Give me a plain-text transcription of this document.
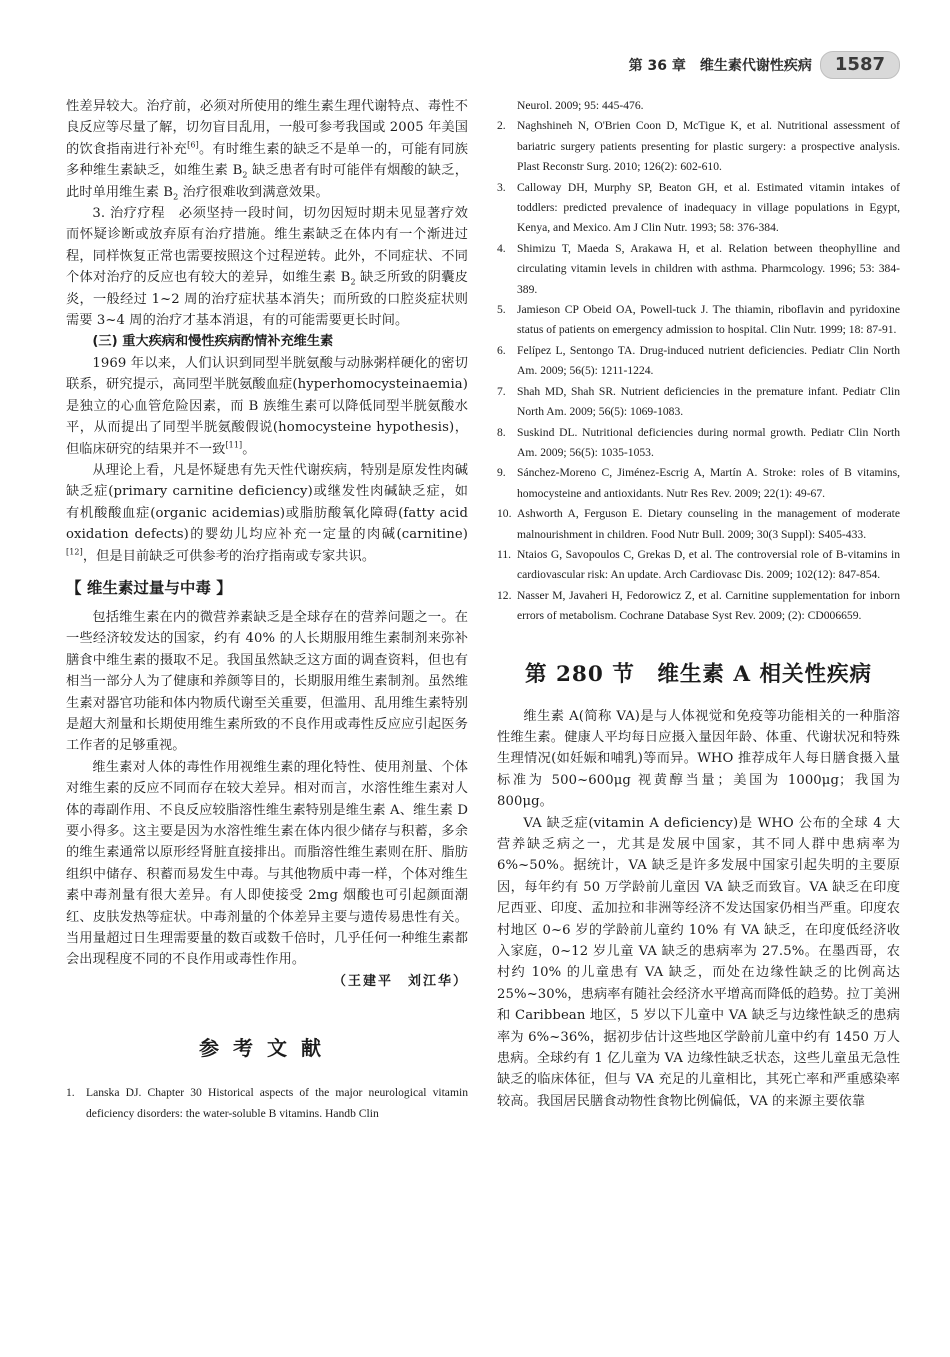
第 36 章　维生素代谢性疾病	1587

性差异较大。治疗前，必须对所使用的维生素生理代谢特点、毒性不良反应等尽量了解，切勿盲目乱用，一般可参考我国或 2005 年美国的饮食指南进行补充[6]。有时维生素的缺乏不是单一的，可能有同族多种维生素缺乏，如维生素 $B_2$ 缺乏患者有时可能伴有烟酸的缺乏，此时单用维生素 $B_2$ 治疗很难收到满意效果。

3. 治疗疗程　必须坚持一段时间，切勿因短时期未见显著疗效而怀疑诊断或放弃原有治疗措施。维生素缺乏在体内有一个渐进过程，同样恢复正常也需要按照这个过程逆转。此外，不同症状、不同个体对治疗的反应也有较大的差异，如维生素 $B_2$ 缺乏所致的阴囊皮炎，一般经过 1~2 周的治疗症状基本消失；而所致的口腔炎症状则需要 3~4 周的治疗才基本消退，有的可能需要更长时间。

(三) 重大疾病和慢性疾病酌情补充维生素

1969 年以来，人们认识到同型半胱氨酸与动脉粥样硬化的密切联系，研究提示，高同型半胱氨酸血症(hyperhomocysteinaemia)是独立的心血管危险因素，而 B 族维生素可以降低同型半胱氨酸水平，从而提出了同型半胱氨酸假说(homocysteine hypothesis)，但临床研究的结果并不一致[11]。

从理论上看，凡是怀疑患有先天性代谢疾病，特别是原发性肉碱缺乏症(primary carnitine deficiency)或继发性肉碱缺乏症，如有机酸酸血症(organic acidemias)或脂肪酸氧化障碍(fatty acid oxidation defects)的婴幼儿均应补充一定量的肉碱(carnitine)[12]，但是目前缺乏可供参考的治疗指南或专家共识。

【 维生素过量与中毒 】

包括维生素在内的微营养素缺乏是全球存在的营养问题之一。在一些经济较发达的国家，约有 40% 的人长期服用维生素制剂来弥补膳食中维生素的摄取不足。我国虽然缺乏这方面的调查资料，但也有相当一部分人为了健康和养颜等目的，长期服用维生素制剂。虽然维生素对器官功能和体内物质代谢至关重要，但滥用、乱用维生素特别是超大剂量和长期使用维生素所致的不良作用或毒性反应应引起医务工作者的足够重视。

维生素对人体的毒性作用视维生素的理化特性、使用剂量、个体对维生素的反应不同而存在较大差异。相对而言，水溶性维生素对人体的毒副作用、不良反应较脂溶性维生素特别是维生素 A、维生素 D 要小得多。这主要是因为水溶性维生素在体内很少储存与积蓄，多余的维生素通常以原形经肾脏直接排出。而脂溶性维生素则在肝、脂肪组织中储存、积蓄而易发生中毒。与其他物质中毒一样，个体对维生素中毒剂量有很大差异。有人即使接受 2mg 烟酸也可引起颜面潮红、皮肤发热等症状。中毒剂量的个体差异主要与遗传易患性有关。当用量超过日生理需要量的数百或数千倍时，几乎任何一种维生素都会出现程度不同的不良作用或毒性作用。

（王建平　刘江华）

参考文献

1. Lanska DJ. Chapter 30 Historical aspects of the major neurological vitamin deficiency disorders: the water-soluble B vitamins. Handb Clin

Neurol. 2009; 95: 445-476.

2. Naghshineh N, O'Brien Coon D, McTigue K, et al. Nutritional assessment of bariatric surgery patients presenting for plastic surgery: a prospective analysis. Plast Reconstr Surg. 2010; 126(2): 602-610.
3. Calloway DH, Murphy SP, Beaton GH, et al. Estimated vitamin intakes of toddlers: predicted prevalence of inadequacy in village populations in Egypt, Kenya, and Mexico. Am J Clin Nutr. 1993; 58: 376-384.
4. Shimizu T, Maeda S, Arakawa H, et al. Relation between theophylline and circulating vitamin levels in children with asthma. Pharmcology. 1996; 53: 384-389.
5. Jamieson CP Obeid OA, Powell-tuck J. The thiamin, riboflavin and pyridoxine status of patients on emergency admission to hospital. Clin Nutr. 1999; 18: 87-91.
6. Felípez L, Sentongo TA. Drug-induced nutrient deficiencies. Pediatr Clin North Am. 2009; 56(5): 1211-1224.
7. Shah MD, Shah SR. Nutrient deficiencies in the premature infant. Pediatr Clin North Am. 2009; 56(5): 1069-1083.
8. Suskind DL. Nutritional deficiencies during normal growth. Pediatr Clin North Am. 2009; 56(5): 1035-1053.
9. Sánchez-Moreno C, Jiménez-Escrig A, Martín A. Stroke: roles of B vitamins, homocysteine and antioxidants. Nutr Res Rev. 2009; 22(1): 49-67.
10. Ashworth A, Ferguson E. Dietary counseling in the management of moderate malnourishment in children. Food Nutr Bull. 2009; 30(3 Suppl): S405-433.
11. Ntaios G, Savopoulos C, Grekas D, et al. The controversial role of B-vitamins in cardiovascular risk: An update. Arch Cardiovasc Dis. 2009; 102(12): 847-854.
12. Nasser M, Javaheri H, Fedorowicz Z, et al. Carnitine supplementation for inborn errors of metabolism. Cochrane Database Syst Rev. 2009; (2): CD006659.

第 280 节　维生素 A 相关性疾病

维生素 A(简称 VA)是与人体视觉和免疫等功能相关的一种脂溶性维生素。健康人平均每日应摄入量因年龄、体重、代谢状况和特殊生理情况(如妊娠和哺乳)等而异。WHO 推荐成年人每日膳食摄入量标准为 500~600μg 视黄醇当量；美国为 1000μg；我国为 800μg。

VA 缺乏症(vitamin A deficiency)是 WHO 公布的全球 4 大营养缺乏病之一，尤其是发展中国家，其不同人群中患病率为 6%~50%。据统计，VA 缺乏是许多发展中国家引起失明的主要原因，每年约有 50 万学龄前儿童因 VA 缺乏而致盲。VA 缺乏在印度尼西亚、印度、孟加拉和非洲等经济不发达国家仍相当严重。印度农村地区 0~6 岁的学龄前儿童约 10% 有 VA 缺乏，在印度低经济收入家庭，0~12 岁儿童 VA 缺乏的患病率为 27.5%。在墨西哥，农村约 10% 的儿童患有 VA 缺乏，而处在边缘性缺乏的比例高达 25%~30%，患病率有随社会经济水平增高而降低的趋势。拉丁美洲和 Caribbean 地区，5 岁以下儿童中 VA 缺乏与边缘性缺乏的患病率为 6%~36%，据初步估计这些地区学龄前儿童中约有 1450 万人患病。全球约有 1 亿儿童为 VA 边缘性缺乏状态，这些儿童虽无急性缺乏的临床体征，但与 VA 充足的儿童相比，其死亡率和严重感染率较高。我国居民膳食动物性食物比例偏低，VA 的来源主要依靠
